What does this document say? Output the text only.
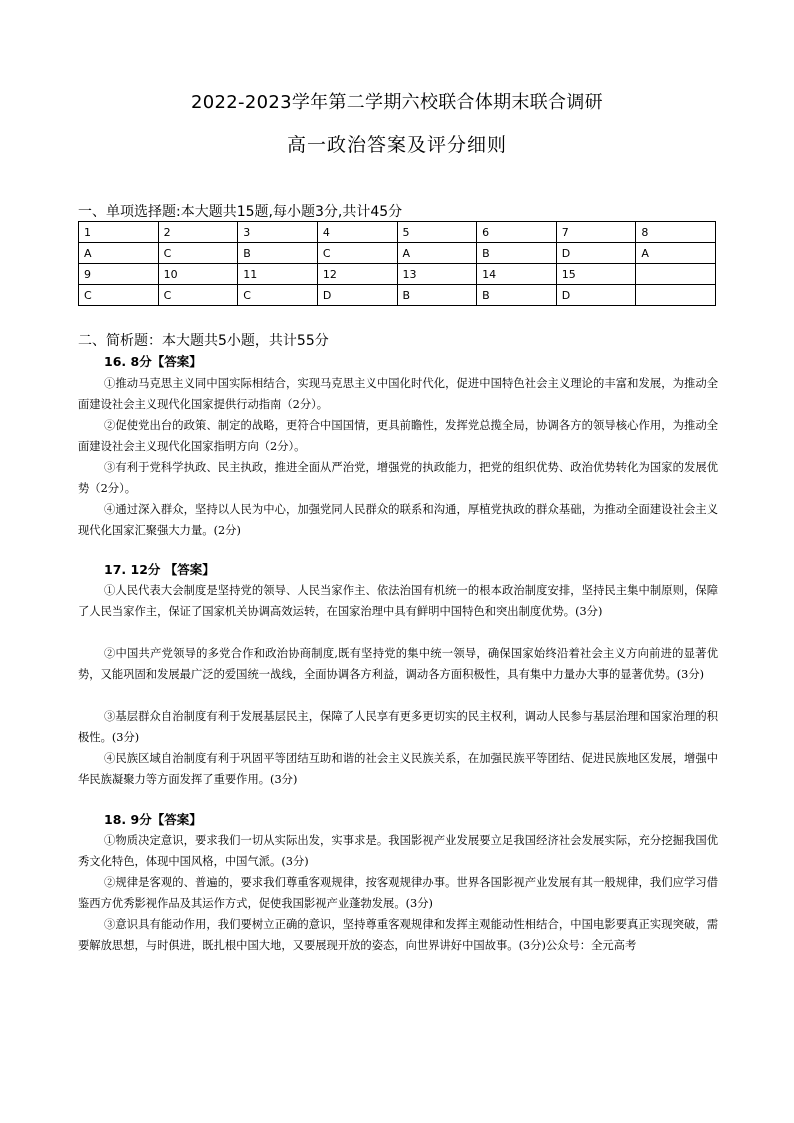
2022-2023学年第二学期六校联合体期末联合调研
高一政治答案及评分细则
一、单项选择题:本大题共15题,每小题3分,共计45分
1	2	3	4	5	6	7	8
A	C	B	C	A	B	D	A
9	10	11	12	13	14	15	
C	C	C	D	B	B	D	
二、简析题：本大题共5小题，共计55分
16. 8分【答案】
①推动马克思主义同中国实际相结合，实现马克思主义中国化时代化，促进中国特色社会主义理论的丰富和发展，为推动全面建设社会主义现代化国家提供行动指南（2分）。
②促使党出台的政策、制定的战略，更符合中国国情，更具前瞻性，发挥党总揽全局，协调各方的领导核心作用，为推动全面建设社会主义现代化国家指明方向（2分）。
③有利于党科学执政、民主执政，推进全面从严治党，增强党的执政能力，把党的组织优势、政治优势转化为国家的发展优势（2分）。
④通过深入群众，坚持以人民为中心，加强党同人民群众的联系和沟通，厚植党执政的群众基础，为推动全面建设社会主义现代化国家汇聚强大力量。(2分)
17. 12分 【答案】
①人民代表大会制度是坚持党的领导、人民当家作主、依法治国有机统一的根本政治制度安排，坚持民主集中制原则，保障了人民当家作主，保证了国家机关协调高效运转，在国家治理中具有鲜明中国特色和突出制度优势。(3分)
②中国共产党领导的多党合作和政治协商制度,既有坚持党的集中统一领导，确保国家始终沿着社会主义方向前进的显著优势，又能巩固和发展最广泛的爱国统一战线，全面协调各方利益，调动各方面积极性，具有集中力量办大事的显著优势。(3分)
③基层群众自治制度有利于发展基层民主，保障了人民享有更多更切实的民主权利，调动人民参与基层治理和国家治理的积极性。(3分)
④民族区域自治制度有利于巩固平等团结互助和谐的社会主义民族关系，在加强民族平等团结、促进民族地区发展，增强中华民族凝聚力等方面发挥了重要作用。(3分)
18. 9分【答案】
①物质决定意识，要求我们一切从实际出发，实事求是。我国影视产业发展要立足我国经济社会发展实际，充分挖掘我国优秀文化特色，体现中国风格，中国气派。(3分)
②规律是客观的、普遍的，要求我们尊重客观规律，按客观规律办事。世界各国影视产业发展有其一般规律，我们应学习借鉴西方优秀影视作品及其运作方式，促使我国影视产业蓬勃发展。(3分)
③意识具有能动作用，我们要树立正确的意识，坚持尊重客观规律和发挥主观能动性相结合，中国电影要真正实现突破，需要解放思想，与时俱进，既扎根中国大地，又要展现开放的姿态，向世界讲好中国故事。(3分)公众号：全元高考
